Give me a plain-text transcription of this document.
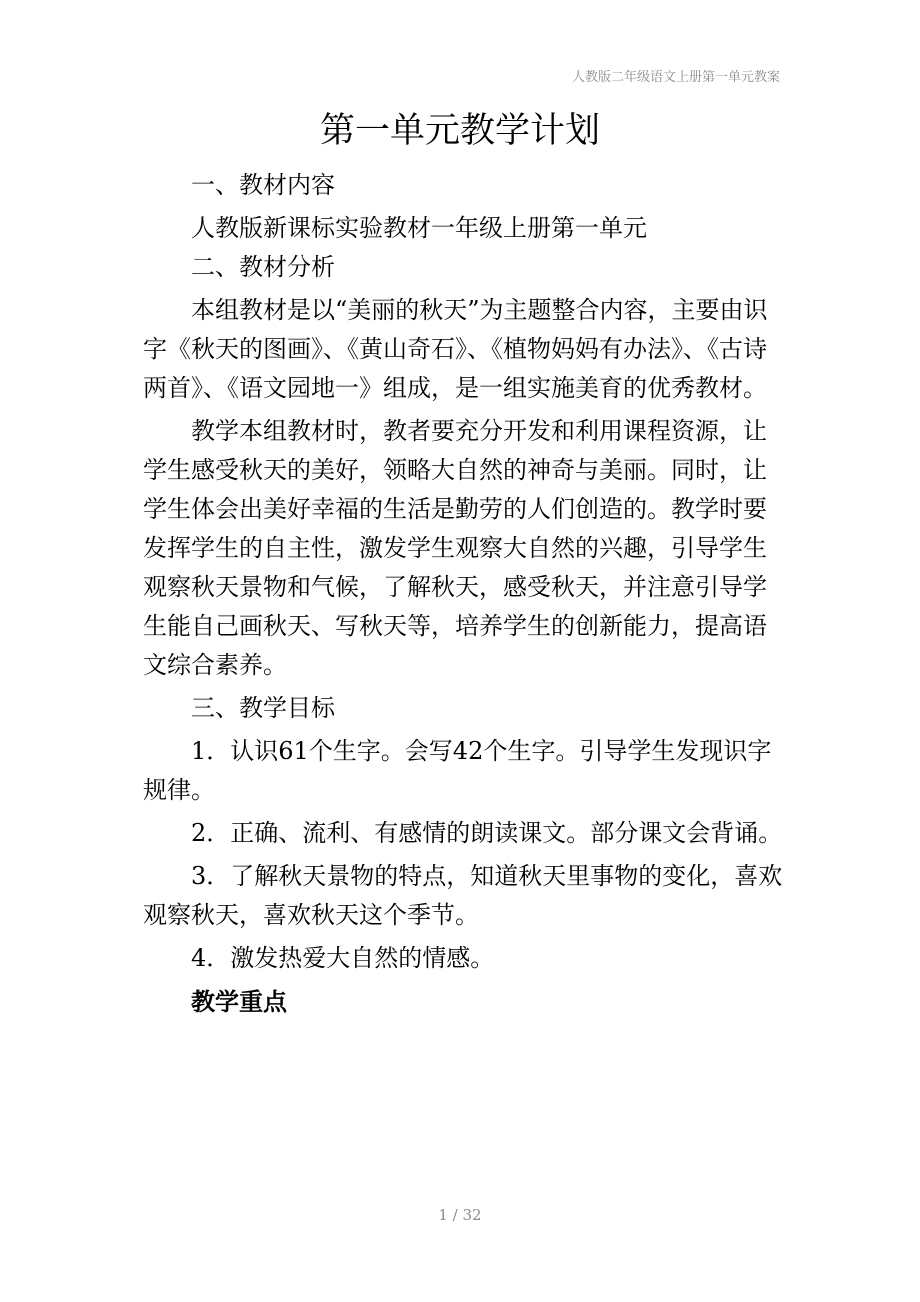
人教版二年级语文上册第一单元教案
第一单元教学计划

一、教材内容

人教版新课标实验教材一年级上册第一单元

二、教材分析

本组教材是以“美丽的秋天”为主题整合内容，主要由识字《秋天的图画》、《黄山奇石》、《植物妈妈有办法》、《古诗两首》、《语文园地一》组成，是一组实施美育的优秀教材。

教学本组教材时，教者要充分开发和利用课程资源，让学生感受秋天的美好，领略大自然的神奇与美丽。同时，让学生体会出美好幸福的生活是勤劳的人们创造的。教学时要发挥学生的自主性，激发学生观察大自然的兴趣，引导学生观察秋天景物和气候，了解秋天，感受秋天，并注意引导学生能自己画秋天、写秋天等，培养学生的创新能力，提高语文综合素养。

三、教学目标

1．认识61个生字。会写42个生字。引导学生发现识字规律。

2．正确、流利、有感情的朗读课文。部分课文会背诵。

3．了解秋天景物的特点，知道秋天里事物的变化，喜欢观察秋天，喜欢秋天这个季节。

4．激发热爱大自然的情感。

教学重点

1 / 32
